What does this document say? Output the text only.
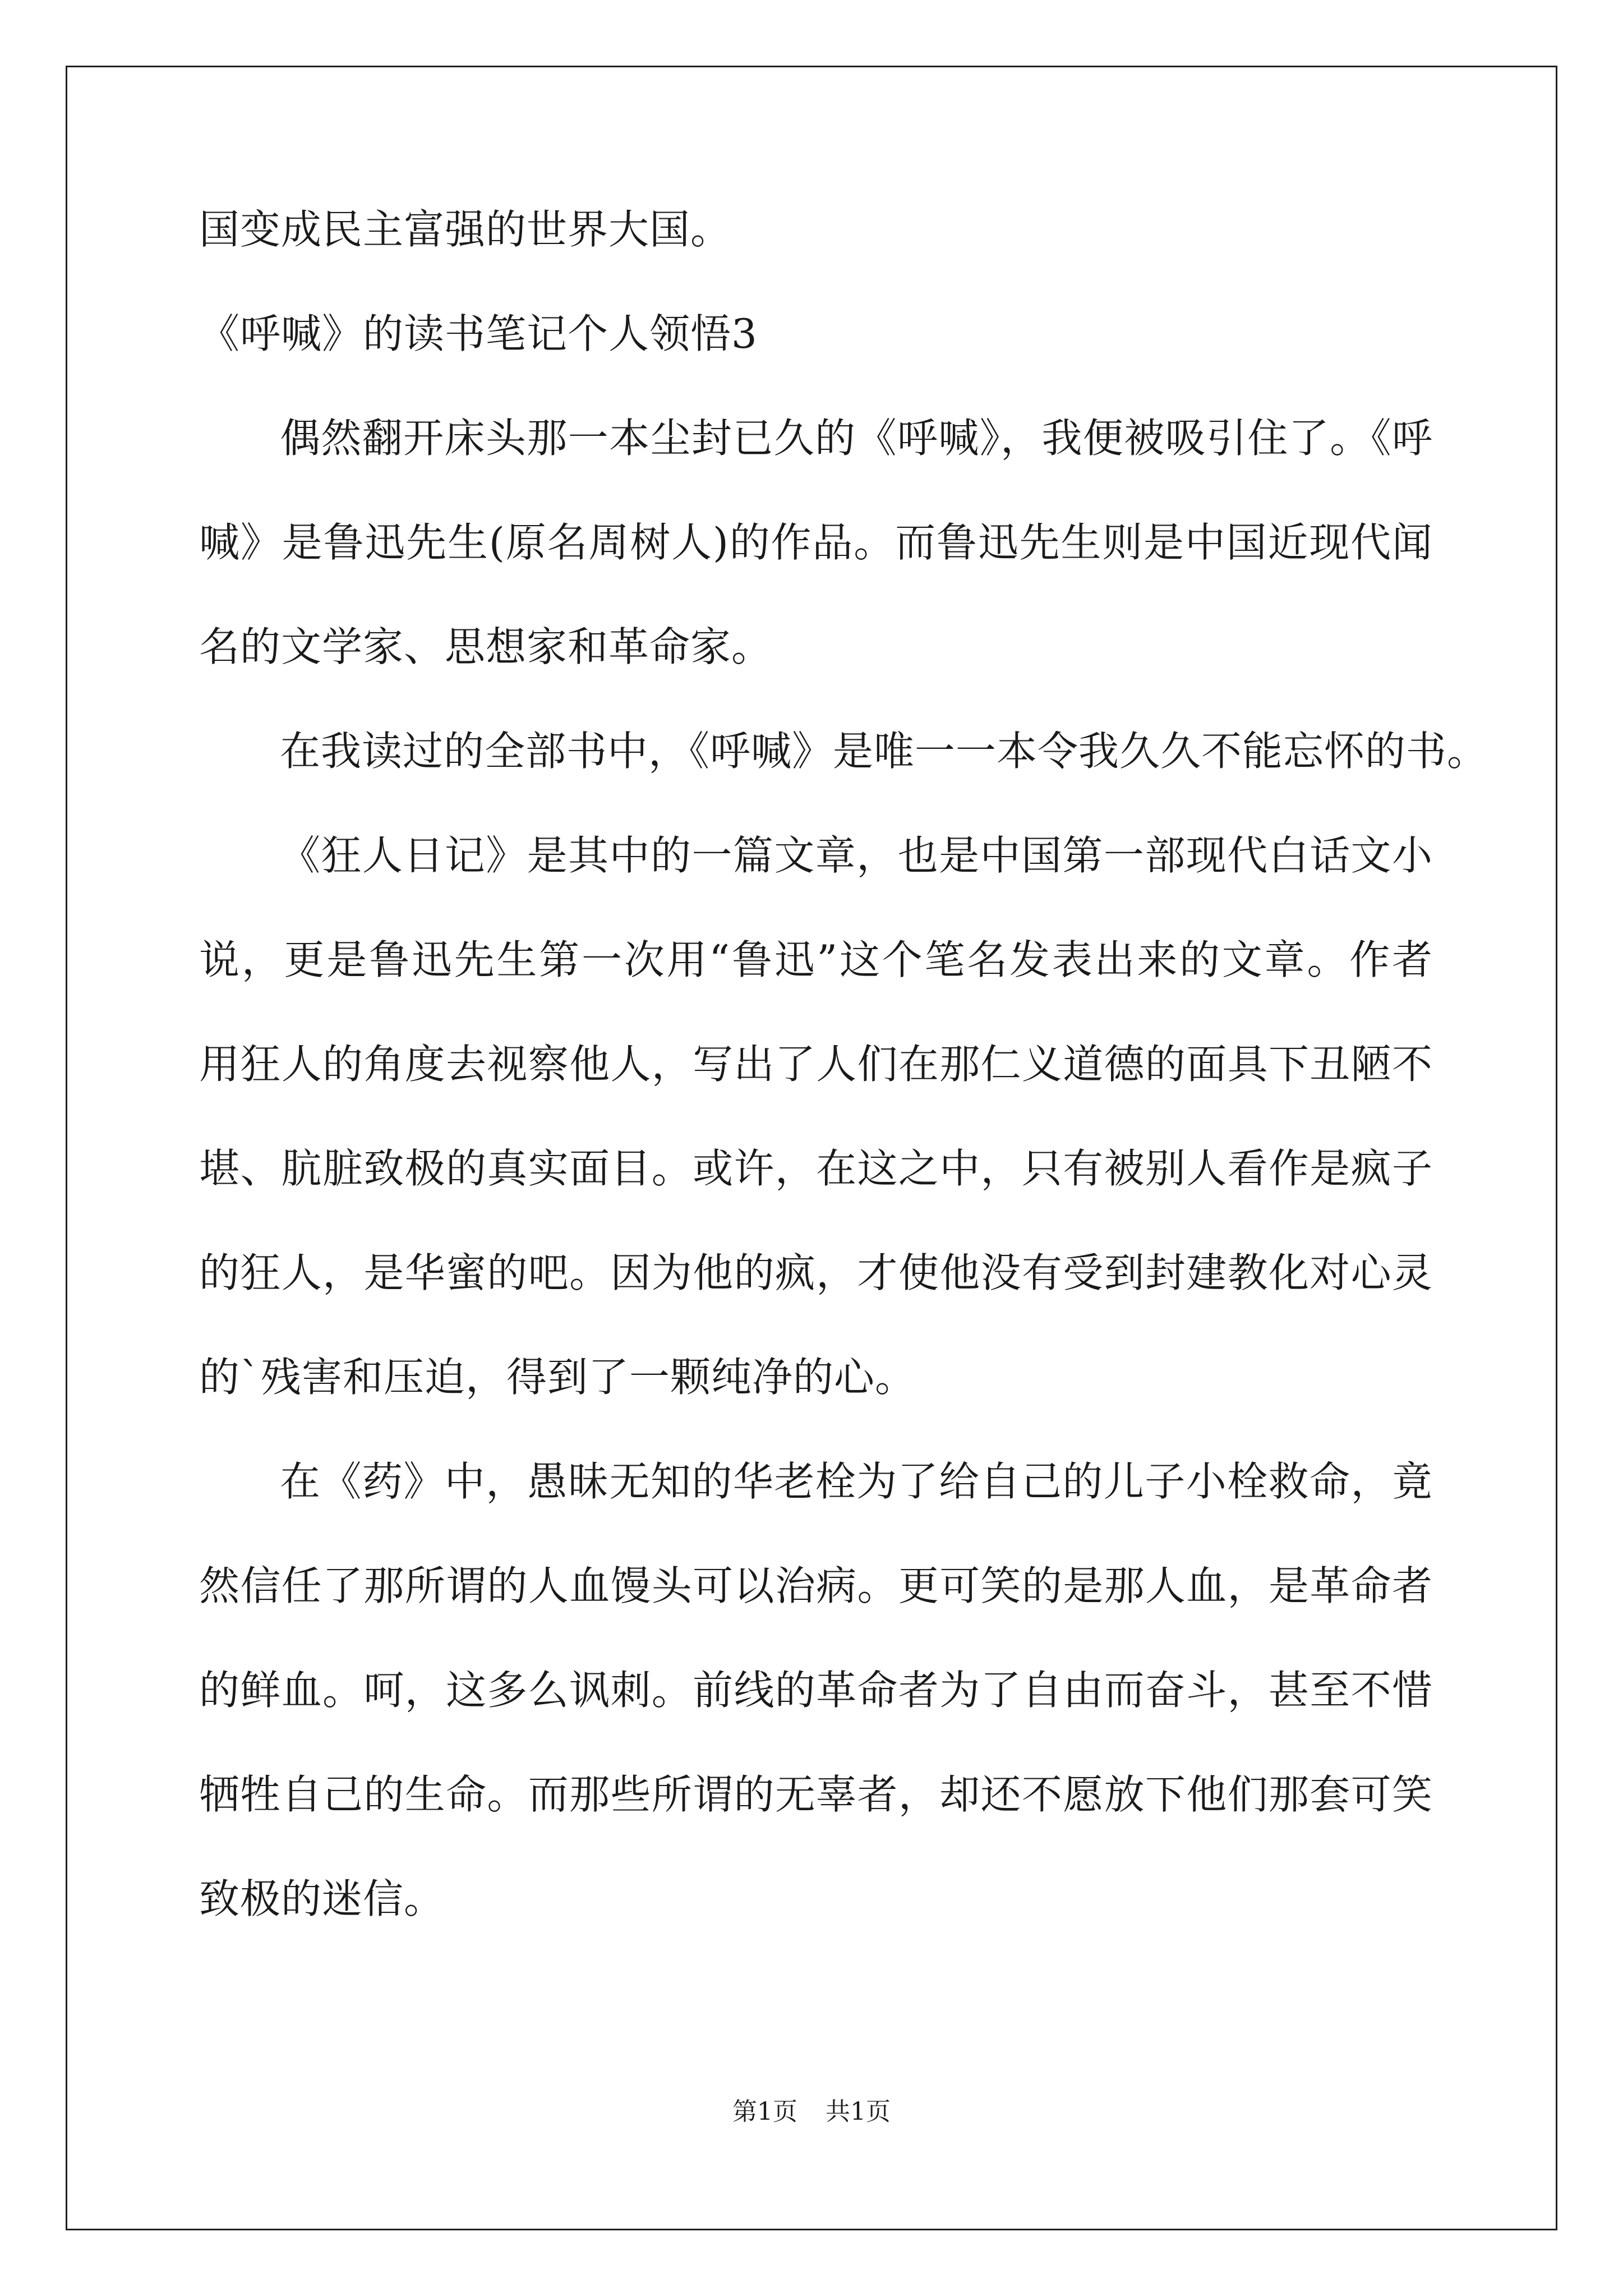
国变成民主富强的世界大国。

《呼喊》的读书笔记个人领悟3

偶然翻开床头那一本尘封已久的《呼喊》，我便被吸引住了。《呼

喊》是鲁迅先生(原名周树人)的作品。而鲁迅先生则是中国近现代闻

名的文学家、思想家和革命家。

在我读过的全部书中，《呼喊》是唯一一本令我久久不能忘怀的书。

《狂人日记》是其中的一篇文章，也是中国第一部现代白话文小

说，更是鲁迅先生第一次用“鲁迅”这个笔名发表出来的文章。作者

用狂人的角度去视察他人，写出了人们在那仁义道德的面具下丑陋不

堪、肮脏致极的真实面目。或许，在这之中，只有被别人看作是疯子

的狂人，是华蜜的吧。因为他的疯，才使他没有受到封建教化对心灵

的`残害和压迫，得到了一颗纯净的心。

在《药》中，愚昧无知的华老栓为了给自己的儿子小栓救命，竟

然信任了那所谓的人血馒头可以治病。更可笑的是那人血，是革命者

的鲜血。呵，这多么讽刺。前线的革命者为了自由而奋斗，甚至不惜

牺牲自己的生命。而那些所谓的无辜者，却还不愿放下他们那套可笑

致极的迷信。

第1页 共1页
